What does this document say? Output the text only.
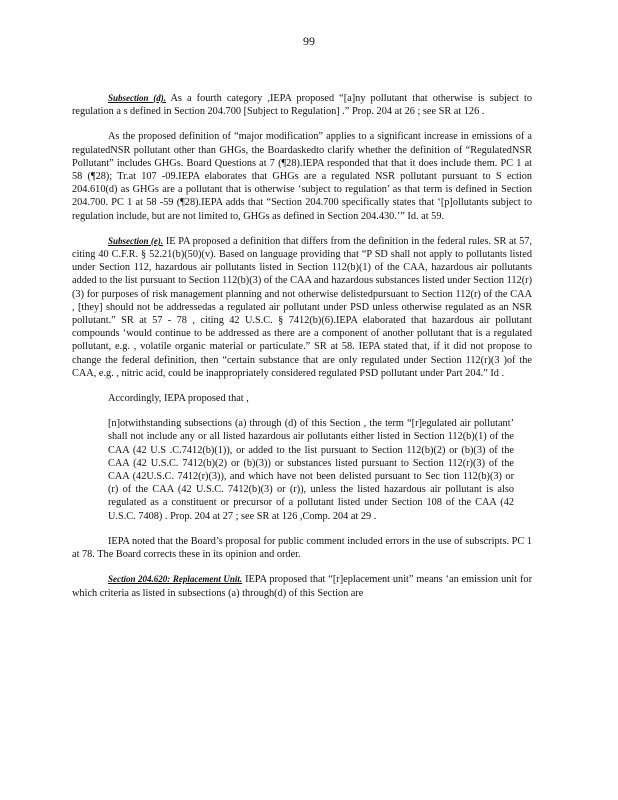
99

Subsection (d). As a fourth category ,IEPA proposed “[a]ny pollutant that otherwise is subject to regulation a s defined in Section 204.700 [Subject to Regulation] .” Prop. 204 at 26 ; see SR at 126 .

As the proposed definition of “major modification” applies to a significant increase in emissions of a regulatedNSR pollutant other than GHGs, the Boardaskedto clarify whether the definition of “RegulatedNSR Pollutant” includes GHGs. Board Questions at 7 (¶28).IEPA responded that that it does include them. PC 1 at 58 (¶28); Tr.at 107 -09.IEPA elaborates that GHGs are a regulated NSR pollutant pursuant to S ection 204.610(d) as GHGs are a pollutant that is otherwise ‘subject to regulation’ as that term is defined in Section 204.700. PC 1 at 58 -59 (¶28).IEPA adds that “Section 204.700 specifically states that ‘[p]ollutants subject to regulation include, but are not limited to, GHGs as defined in Section 204.430.’” Id. at 59.

Subsection (e). IE PA proposed a definition that differs from the definition in the federal rules. SR at 57, citing 40 C.F.R. § 52.21(b)(50)(v). Based on language providing that “P SD shall not apply to pollutants listed under Section 112, hazardous air pollutants listed in Section 112(b)(1) of the CAA, hazardous air pollutants added to the list pursuant to Section 112(b)(3) of the CAA and hazardous substances listed under Section 112(r)(3) for purposes of risk management planning and not otherwise delistedpursuant to Section 112(r) of the CAA , [they] should not be addressedas a regulated air pollutant under PSD unless otherwise regulated as an NSR pollutant.” SR at 57 - 78 , citing 42 U.S.C. § 7412(b)(6).IEPA elaborated that hazardous air pollutant compounds ‘would continue to be addressed as there are a component of another pollutant that is a regulated pollutant, e.g. , volatile organic material or particulate.” SR at 58. IEPA stated that, if it did not propose to change the federal definition, then “certain substance that are only regulated under Section 112(r)(3 )of the CAA, e.g. , nitric acid, could be inappropriately considered regulated PSD pollutant under Part 204.” Id .

Accordingly, IEPA proposed that ,

[n]otwithstanding subsections (a) through (d) of this Section , the term “[r]egulated air pollutant’ shall not include any or all listed hazardous air pollutants either listed in Section 112(b)(1) of the CAA (42 U.S .C.7412(b)(1)), or added to the list pursuant to Section 112(b)(2) or (b)(3) of the CAA (42 U.S.C. 7412(b)(2) or (b)(3)) or substances listed pursuant to Section 112(r)(3) of the CAA (42U.S.C. 7412(r)(3)), and which have not been delisted pursuant to Sec tion 112(b)(3) or (r) of the CAA (42 U.S.C. 7412(b)(3) or (r)), unless the listed hazardous air pollutant is also regulated as a constituent or precursor of a pollutant listed under Section 108 of the CAA (42 U.S.C. 7408) . Prop. 204 at 27 ; see SR at 126 ,Comp. 204 at 29 .

IEPA noted that the Board’s proposal for public comment included errors in the use of subscripts. PC 1 at 78. The Board corrects these in its opinion and order.

Section 204.620: Replacement Unit. IEPA proposed that “[r]eplacement unit” means ‘an emission unit for which criteria as listed in subsections (a) through(d) of this Section are
